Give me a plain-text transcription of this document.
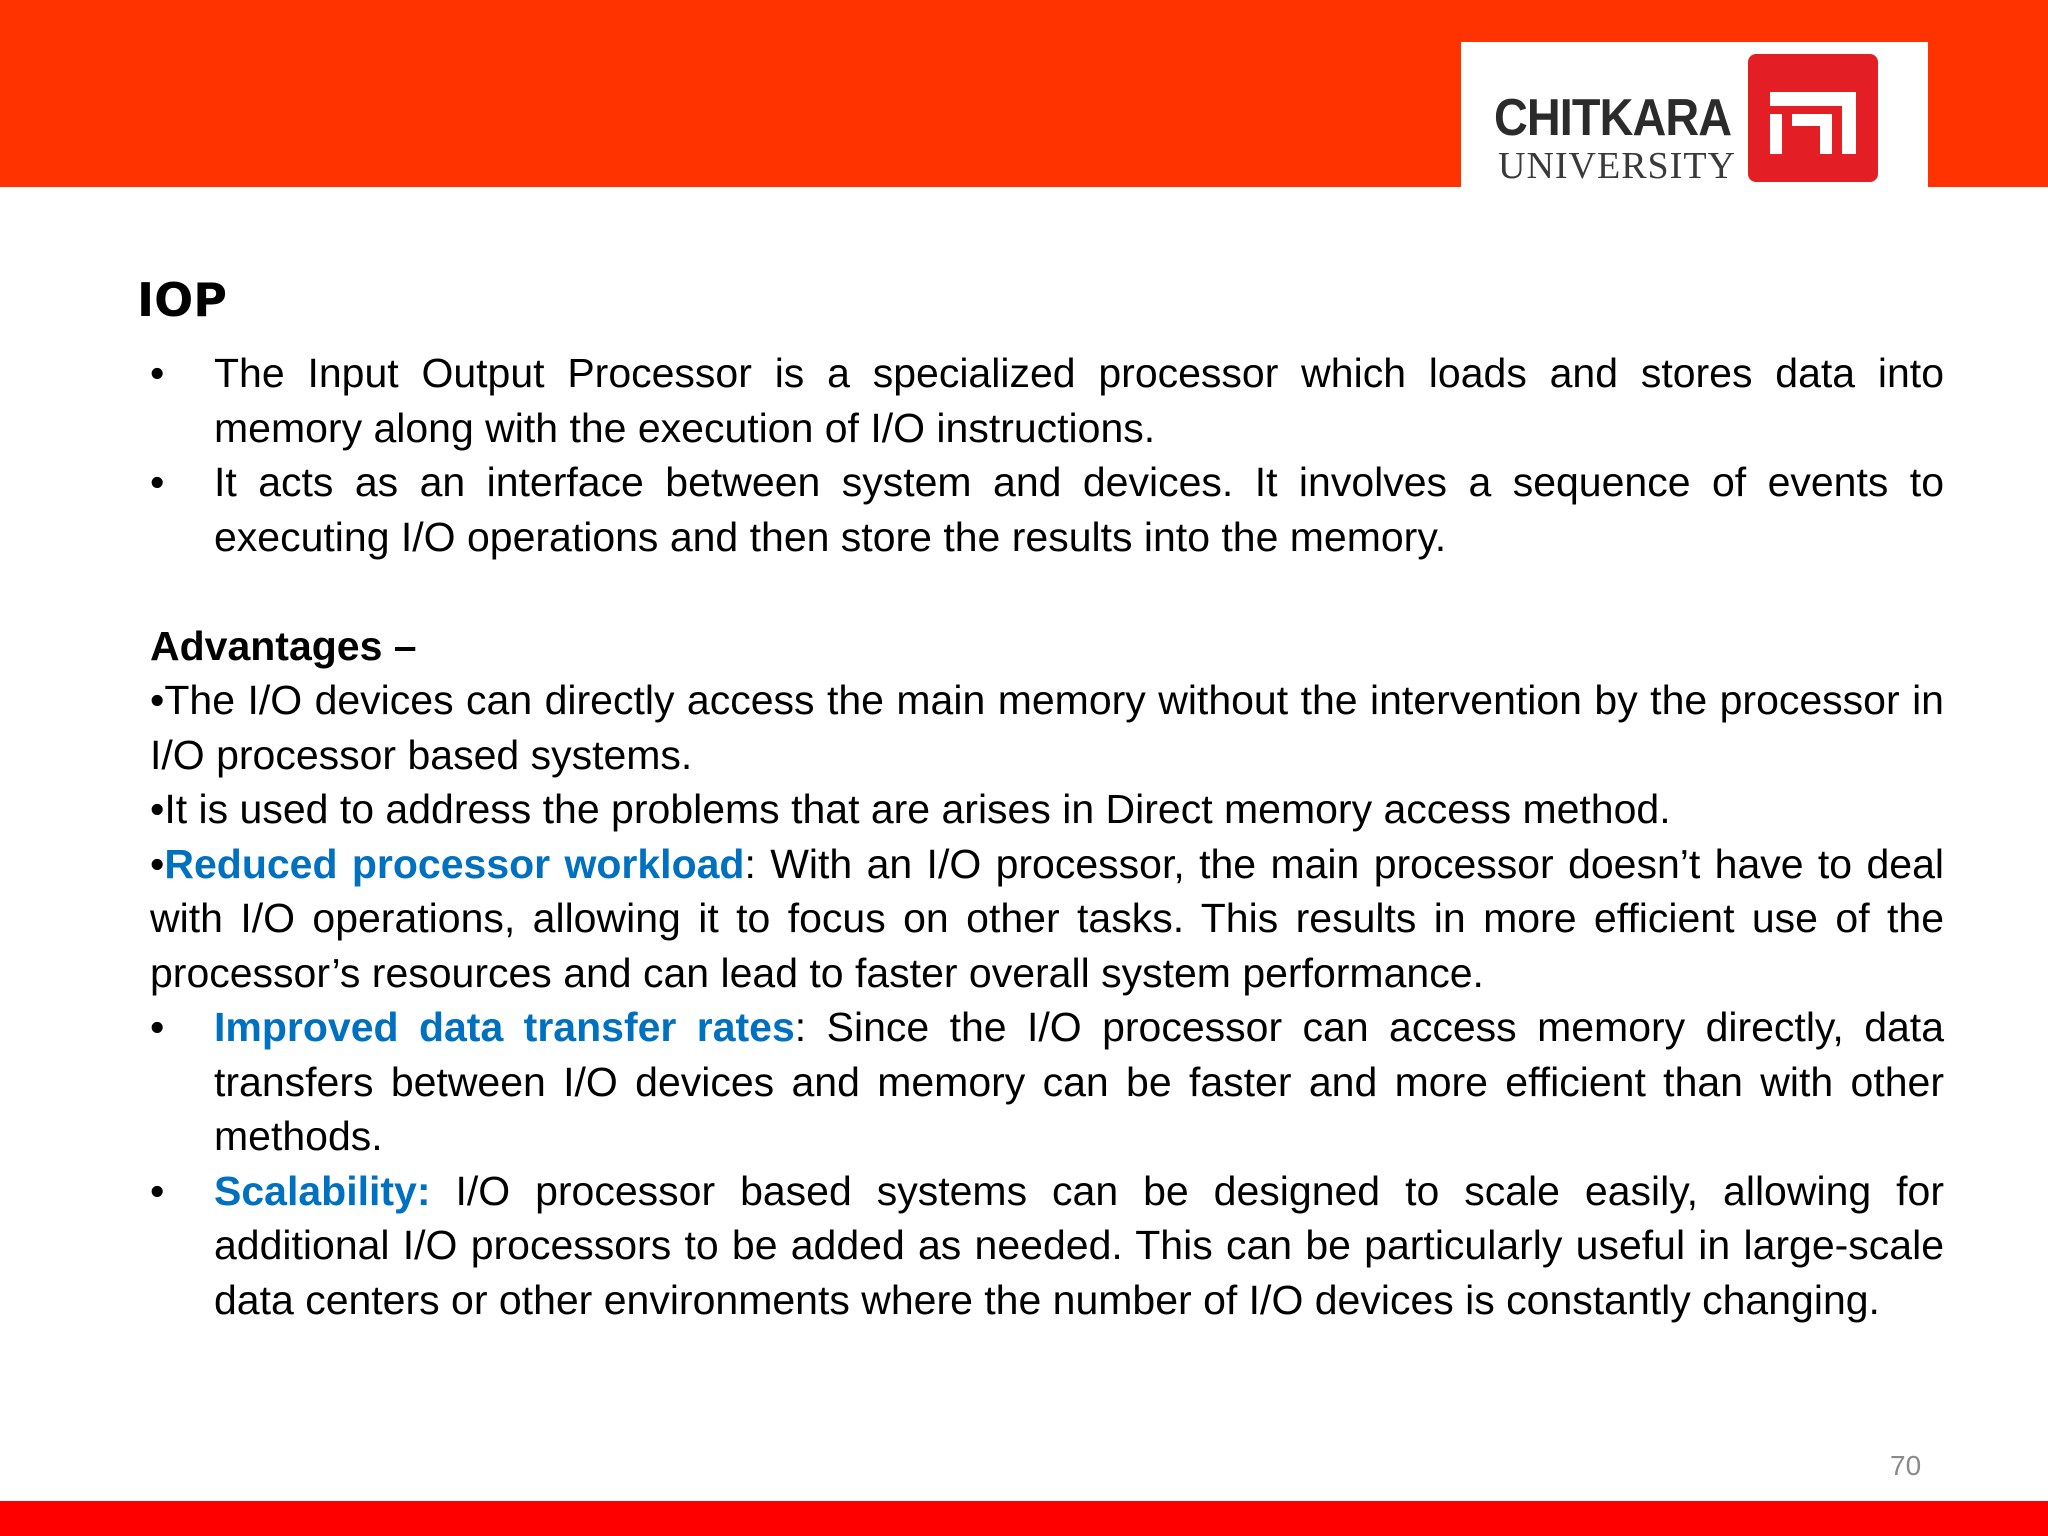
CHITKARA
UNIVERSITY
IOP
•	The Input Output Processor is a specialized processor which loads and stores data into memory along with the execution of I/O instructions.
•	It acts as an interface between system and devices. It involves a sequence of events to executing I/O operations and then store the results into the memory.

Advantages –

•The I/O devices can directly access the main memory without the intervention by the processor in I/O processor based systems.

•It is used to address the problems that are arises in Direct memory access method.

•Reduced processor workload: With an I/O processor, the main processor doesn’t have to deal with I/O operations, allowing it to focus on other tasks. This results in more efficient use of the processor’s resources and can lead to faster overall system performance.

•	Improved data transfer rates: Since the I/O processor can access memory directly, data transfers between I/O devices and memory can be faster and more efficient than with other methods.
•	Scalability: I/O processor based systems can be designed to scale easily, allowing for additional I/O processors to be added as needed. This can be particularly useful in large-scale data centers or other environments where the number of I/O devices is constantly changing.
70
